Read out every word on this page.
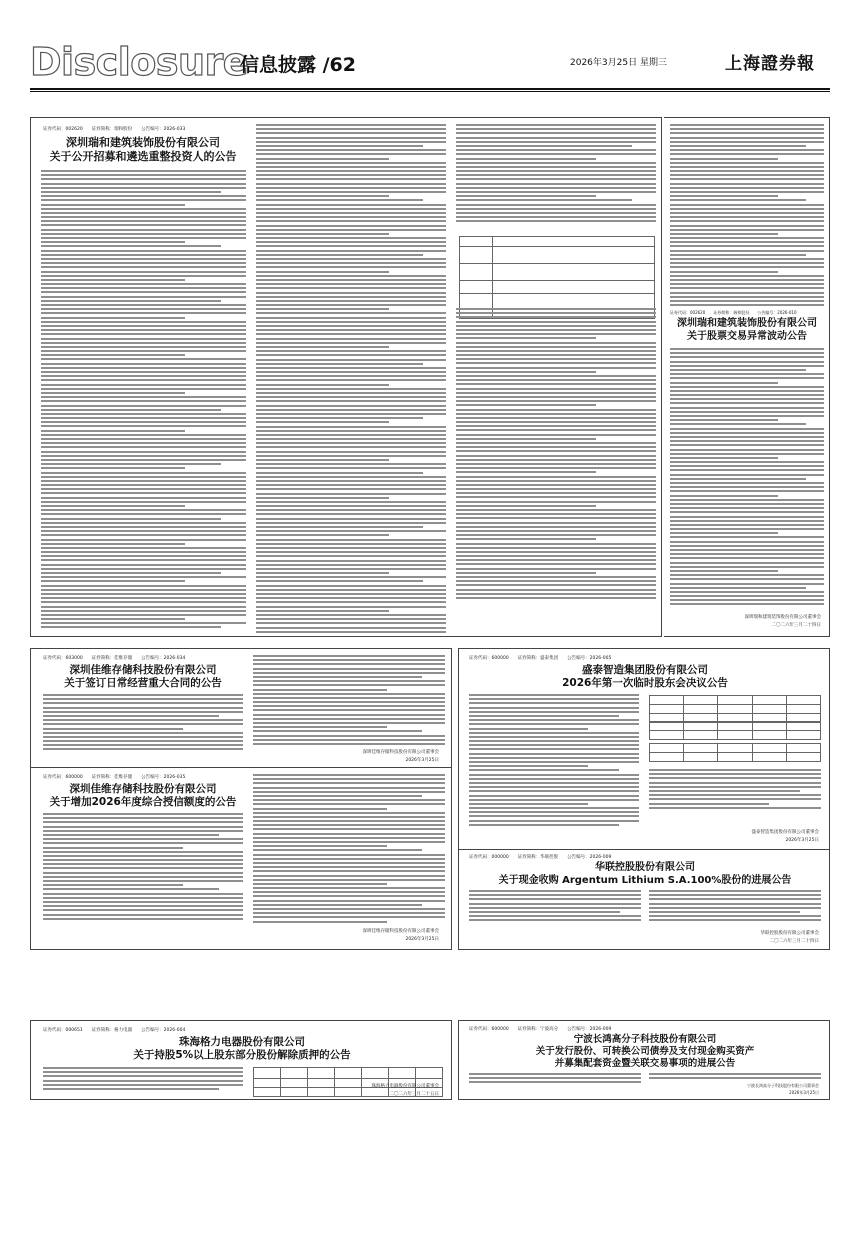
Disclosure
信息披露 /62	2026年3月25日 星期三	上海證券報
证券代码：002620　　证券简称：瑞和股份　　公告编号：2026-033
深圳瑞和建筑装饰股份有限公司
关于公开招募和遴选重整投资人的公告

证券代码：002620　　证券简称：瑞和股份　　公告编号：2026-010
深圳瑞和建筑装饰股份有限公司
关于股票交易异常波动公告
深圳瑞和建筑装饰股份有限公司董事会
二〇二六年三月二十四日
证券代码：603000　　证券简称：佳维存储　　公告编号：2026-034
深圳佳维存储科技股份有限公司
关于签订日常经营重大合同的公告
深圳佳维存储科技股份有限公司董事会
2026年3月25日
证券代码：600000　　证券简称：佳维存储　　公告编号：2026-035
深圳佳维存储科技股份有限公司
关于增加2026年度综合授信额度的公告
深圳佳维存储科技股份有限公司董事会
2026年3月25日
证券代码：600000　　证券简称：盛泰集团　　公告编号：2026-005
盛泰智造集团股份有限公司
2026年第一次临时股东会决议公告

盛泰智造集团股份有限公司董事会
2026年3月25日
证券代码：000000　　证券简称：华联控股　　公告编号：2026-009
华联控股股份有限公司
关于现金收购 Argentum Lithium S.A.100%股份的进展公告
华联控股股份有限公司董事会
二〇二六年三月二十四日
证券代码：000651　　证券简称：格力电器　　公告编号：2026-004
珠海格力电器股份有限公司
关于持股5%以上股东部分股份解除质押的公告

珠海格力电器股份有限公司董事会
二〇二六年三月二十五日
证券代码：600000　　证券简称：宁波高分　　公告编号：2026-009
宁波长鸿高分子科技股份有限公司
关于发行股份、可转换公司债券及支付现金购买资产
并募集配套资金暨关联交易事项的进展公告
宁波长鸿高分子科技股份有限公司董事会
2026年3月25日
